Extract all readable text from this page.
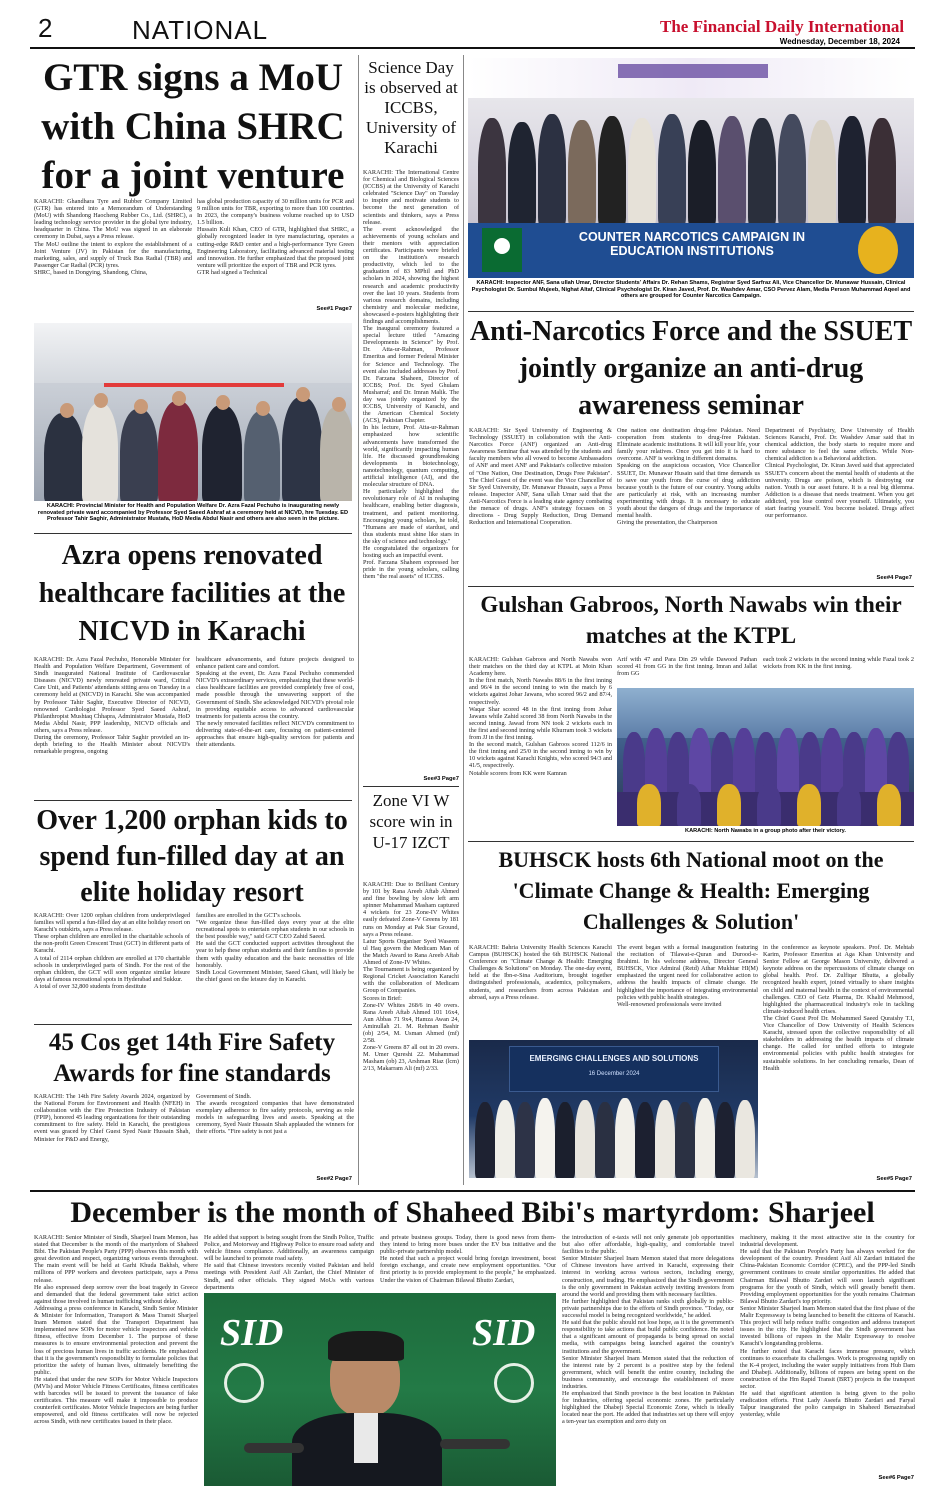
2	NATIONAL	The Financial Daily International
Wednesday, December 18, 2024
GTR signs a MoU with China SHRC for a joint venture
KARACHI: Ghandhara Tyre and Rubber Company Limited (GTR) has entered into a Memorandum of Understanding (MoU) with Shandong Haocheng Rubber Co., Ltd. (SHRC), a leading technology service provider in the global tyre industry, headquarter in China. The MoU was signed in an elaborate ceremony in Dubai, says a Press release.
The MoU outline the intent to explore the establishment of a Joint Venture (JV) in Pakistan for the manufacturing, marketing, sales, and supply of Truck Bus Radial (TBR) and Passenger Car Radial (PCR) tyres.
SHRC, based in Dongying, Shandong, China,
has global production capacity of 30 million units for PCR and 9 million units for TBR, exporting to more than 100 countries. In 2023, the company's business volume reached up to USD 1.5 billion.
Hussain Kuli Khan, CEO of GTR, highlighted that SHRC, a globally recognized leader in tyre manufacturing, operates a cutting-edge R&D center and a high-performance Tyre Green Engineering Laboratory, facilitating advanced material testing and innovation. He further emphasized that the proposed joint venture will prioritize the export of TBR and PCR tyres.
GTR had signed a Technical
See#1 Page7
KARACHI: Provincial Minister for Health and Population Welfare Dr. Azra Fazal Pechuho is inaugurating newly renovated private ward accompanied by Professor Syed Saeed Ashraf at a ceremony held at NICVD, hre Tuesday. ED Professor Tahir Saghir, Administrator Mustafa, HoD Media Abdul Nasir and others are also seen in the picture.
Azra opens renovated healthcare facilities at the NICVD in Karachi
KARACHI: Dr. Azra Fazal Pechuho, Honorable Minister for Health and Population Welfare Department, Government of Sindh inaugurated National Institute of Cardiovascular Diseases (NICVD) newly renovated private ward, Critical Care Unit, and Patients' attendants sitting area on Tuesday in a ceremony held at (NICVD) in Karachi. She was accompanied by Professor Tahir Saghir, Executive Director of NICVD, renowned Cardiologist Professor Syed Saeed Ashraf, Philanthropist Mushtaq Chhapra, Administrator Mustafa, HoD Media Abdul Nasir, PPP leadership, NICVD officials and others, says a Press release.
During the ceremony, Professor Tahir Saghir provided an in-depth briefing to the Health Minister about NICVD's remarkable progress, ongoing
healthcare advancements, and future projects designed to enhance patient care and comfort.
Speaking at the event, Dr. Azra Fazal Pechuho commended NICVD's extraordinary services, emphasizing that these world-class healthcare facilities are provided completely free of cost, made possible through the unwavering support of the Government of Sindh. She acknowledged NICVD's pivotal role in providing equitable access to advanced cardiovascular treatments for patients across the country.
The newly renovated facilities reflect NICVD's commitment to delivering state-of-the-art care, focusing on patient-centered approaches that ensure high-quality services for patients and their attendants.
Over 1,200 orphan kids to spend fun-filled day at an elite holiday resort
KARACHI: Over 1200 orphan children from underprivileged families will spend a fun-filled day at an elite holiday resort on Karachi's outskirts, says a Press release.
These orphan children are enrolled in the charitable schools of the non-profit Green Crescent Trust (GCT) in different parts of Karachi.
A total of 2114 orphan children are enrolled at 170 charitable schools in underprivileged parts of Sindh. For the rest of the orphan children, the GCT will soon organize similar leisure days at famous recreational spots in Hyderabad and Sukkur.
A total of over 32,800 students from destitute
families are enrolled in the GCT's schools.
"We organize these fun-filled days every year at the elite recreational spots to entertain orphan students in our schools in the best possible way," said GCT CEO Zahid Saeed.
He said the GCT conducted support activities throughout the year to help these orphan students and their families to provide them with quality education and the basic necessities of life honorably.
Sindh Local Government Minister, Saeed Ghani, will likely be the chief guest on the leisure day in Karachi.
45 Cos get 14th Fire Safety Awards for fine standards
KARACHI: The 14th Fire Safety Awards 2024, organized by the National Forum for Environment and Health (NFEH) in collaboration with the Fire Protection Industry of Pakistan (FPIP), honored 45 leading organizations for their outstanding commitment to fire safety. Held in Karachi, the prestigious event was graced by Chief Guest Syed Nasir Hussain Shah, Minister for P&D and Energy,
Government of Sindh.
The awards recognized companies that have demonstrated exemplary adherence to fire safety protocols, serving as role models in safeguarding lives and assets. Speaking at the ceremony, Syed Nasir Hussain Shah applauded the winners for their efforts. "Fire safety is not just a
See#2 Page7
Science Day is observed at ICCBS, University of Karachi
KARACHI: The International Centre for Chemical and Biological Sciences (ICCBS) at the University of Karachi celebrated "Science Day" on Tuesday to inspire and motivate students to become the next generation of scientists and thinkers, says a Press release.
The event acknowledged the achievements of young scholars and their mentors with appreciation certificates. Participants were briefed on the institution's research productivity, which led to the graduation of 83 MPhil and PhD scholars in 2024, showing the highest research and academic productivity over the last 10 years. Students from various research domains, including chemistry and molecular medicine, showcased e-posters highlighting their findings and accomplishments.
The inaugural ceremony featured a special lecture titled "Amazing Developments in Science" by Prof. Dr. Atta-ur-Rahman, Professor Emeritus and former Federal Minister for Science and Technology. The event also included addresses by Prof. Dr. Farzana Shaheen, Director of ICCBS; Prof. Dr. Syed Ghulam Musharraf; and Dr. Imran Malik. The day was jointly organized by the ICCBS, University of Karachi, and the American Chemical Society (ACS), Pakistan Chapter.
In his lecture, Prof. Atta-ur-Rahman emphasized how scientific advancements have transformed the world, significantly impacting human life. He discussed groundbreaking developments in biotechnology, nanotechnology, quantum computing, artificial intelligence (AI), and the molecular structure of DNA.
He particularly highlighted the revolutionary role of AI in reshaping healthcare, enabling better diagnosis, treatment, and patient monitoring. Encouraging young scholars, he told, "Humans are made of stardust, and thus students must shine like stars in the sky of science and technology."
He congratulated the organizers for hosting such an impactful event.
Prof. Farzana Shaheen expressed her pride in the young scholars, calling them "the real assets" of ICCBS.
See#3 Page7
Zone VI W score win in U-17 IZCT
KARACHI: Due to Brilliant Century by 101 by Rana Areeb Aftab Ahmed and fine bowling by slow left arm spinner Muhammad Masham captured 4 wickets for 23 Zone-IV Whites easily defeated Zone-V Greens by 181 runs on Monday at Pak Star Ground, says a Press release.
Latur Sports Organiser Syed Waseem ul Haq govern the Medicam Man of the Match Award to Rana Areeb Aftab Ahmed of Zone-IV Whites.
The Tournament is being organized by Regional Cricket Association Karachi with the collaboration of Medicam Group of Companies.
Scores in Brief:
Zone-IV Whites 268/6 in 40 overs. Rana Areeb Aftab Ahmed 101 16x4, Aun Abbas 71 9x4, Hamza Awan 24, Aminullah 21. M. Rehman Bashir (ob) 2/54, M. Usman Ahmed (mf) 2/58.
Zone-V Greens 87 all out in 20 overs. M. Umer Qureshi 22. Muhammad Masham (ob) 23, Arshman Riaz (lcm) 2/13, Makarram Ali (mf) 2/33.
COUNTER NARCOTICS CAMPAIGN IN EDUCATION INSTITUTIONS
KARACHI: Inspector ANF, Sana ullah Umar, Director Students' Affairs Dr. Rehan Shams, Registrar Syed Sarfraz Ali, Vice Chancellor Dr. Munawar Hussain, Clinical Psychologist Dr. Sumbul Mujeeb, Nighat Altaf, Clinical Psychologist Dr. Kiran Javed, Prof. Dr. Washdev Amar, CSO Pervez Alam, Media Person Muhammad Aqeel and others are grouped for Counter Narcotics Campaign.
Anti-Narcotics Force and the SSUET jointly organize an anti-drug awareness seminar
KARACHI: Sir Syed University of Engineering & Technology (SSUET) in collaboration with the Anti-Narcotics Force (ANF) organized an Anti-drug Awareness Seminar that was attended by the students and faculty members who all vowed to become Ambassadors of ANF and meet ANF and Pakistan's collective mission of "One Nation, One Destination, Drugs Free Pakistan". The Chief Guest of the event was the Vice Chancellor of Sir Syed University, Dr. Munawar Hussain, says a Press release. Inspector ANF, Sana ullah Umar said that the Anti-Narcotics Force is a leading state agency combating the menace of drugs. ANF's strategy focuses on 3 directions - Drug Supply Reduction, Drug Demand Reduction and International Cooperation.
One nation one destination drug-free Pakistan. Need cooperation from students to drug-free Pakistan. Eliminate academic institutions. It will kill your life, your family your relatives. Once you get into it is hard to overcome. ANF is working in different domains.
Speaking on the auspicious occasion, Vice Chancellor SSUET, Dr. Munawar Husain said that time demands us to save our youth from the curse of drug addiction because youth is the future of our country. Young adults are particularly at risk, with an increasing number experimenting with drugs. It is necessary to educate youth about the dangers of drugs and the importance of mental health.
Giving the presentation, the Chairperson
Department of Psychiatry, Dow University of Health Sciences Karachi, Prof. Dr. Washdev Amar said that in chemical addiction, the body starts to require more and more substance to feel the same effects. While Non-chemical addiction is a Behavioral addiction.
Clinical Psychologist, Dr. Kiran Javed said that appreciated SSUET's concern about the mental health of students at the university. Drugs are poison, which is destroying our nation. Youth is our asset future. It is a real big dilemma. Addiction is a disease that needs treatment. When you get addicted, you lose control over yourself. Ultimately, you start fearing yourself. You become isolated. Drugs affect our performance.
See#4 Page7
Gulshan Gabroos, North Nawabs win their matches at the KTPL
KARACHI: Gulshan Gabroos and North Nawabs won their matches on the third day at KTPL at Moin Khan Academy here.
In the first match, North Nawabs 88/6 in the first inning and 96/4 in the second inning to win the match by 6 wickets against Johar Jawans, who scored 96/2 and 87/4, respectively.
Waqar Shar scored 48 in the first inning from Johar Jawans while Zahid scored 38 from North Nawabs in the second inning. Jawad from NN took 2 wickets each in the first and second inning while Khurram took 3 wickets from JJ in the first inning.
In the second match, Gulshan Gabroos scored 112/6 in the first inning and 25/0 in the second inning to win by 10 wickets against Karachi Knights, who scored 94/3 and 41/5, respectively.
Notable scorers from KK were Kamran
Arif with 47 and Para Din 29 while Dawood Pathan scored 41 from GG in the first inning. Imran and Jallat from GG
each took 2 wickets in the second inning while Fazal took 2 wickets from KK in the first inning.
KARACHI: North Nawabs in a group photo after their victory.
BUHSCK hosts 6th National moot on the 'Climate Change & Health: Emerging Challenges & Solution'
KARACHI: Bahria University Health Sciences Karachi Campus (BUHSCK) hosted the 6th BUHSCK National Conference on "Climate Change & Health: Emerging Challenges & Solutions" on Monday. The one-day event, held at the Ibn-e-Sina Auditorium, brought together distinguished professionals, academics, policymakers, students, and researchers from across Pakistan and abroad, says a Press release.
The event began with a formal inauguration featuring the recitation of Tilawat-e-Quran and Durood-e-Ibrahimi. In his welcome address, Director General BUHSCK, Vice Admiral (Retd) Athar Mukhtar HI(M) emphasized the urgent need for collaborative action to address the health impacts of climate change. He highlighted the importance of integrating environmental policies with public health strategies.
Well-renowned professionals were invited
in the conference as keynote speakers. Prof. Dr. Mehtab Karim, Professor Emeritus at Aga Khan University and Senior Fellow at George Mason University, delivered a keynote address on the repercussions of climate change on global health. Prof. Dr. Zulfiqar Bhutta, a globally recognized health expert, joined virtually to share insights on child and maternal health in the context of environmental challenges. CEO of Getz Pharma, Dr. Khalid Mehmood, highlighted the pharmaceutical industry's role in tackling climate-induced health crises.
The Chief Guest Prof Dr. Mohammed Saeed Quraishy T.I, Vice Chancellor of Dow University of Health Sciences Karachi, stressed upon the collective responsibility of all stakeholders in addressing the health impacts of climate change. He called for unified efforts to integrate environmental policies with public health strategies for sustainable solutions. In her concluding remarks, Dean of Health
See#5 Page7
EMERGING CHALLENGES AND SOLUTIONS
16 December 2024
December is the month of Shaheed Bibi's martyrdom: Sharjeel
KARACHI: Senior Minister of Sindh, Sharjeel Inam Memon, has stated that December is the month of the martyrdom of Shaheed Bibi. The Pakistan People's Party (PPP) observes this month with great devotion and respect, organizing various events throughout. The main event will be held at Garhi Khuda Bakhsh, where millions of PPP workers and devotees participate, says a Press release.
He also expressed deep sorrow over the boat tragedy in Greece and demanded that the federal government take strict action against those involved in human trafficking without delay.
Addressing a press conference in Karachi, Sindh Senior Minister & Minister for Information, Transport & Mass Transit Sharjeel Inam Memon stated that the Transport Department has implemented new SOPs for motor vehicle inspectors and vehicle fitness, effective from December 1. The purpose of these measures is to ensure environmental protection and prevent the loss of precious human lives in traffic accidents. He emphasized that it is the government's responsibility to formulate policies that prioritize the safety of human lives, ultimately benefiting the public.
He stated that under the new SOPs for Motor Vehicle Inspectors (MVIs) and Motor Vehicle Fitness Certificates, fitness certificates with barcodes will be issued to prevent the issuance of fake certificates. This measure will make it impossible to produce counterfeit certificates. Motor Vehicle Inspectors are being further empowered, and old fitness certificates will now be rejected across Sindh, with new certificates issued in their place.
He added that support is being sought from the Sindh Police, Traffic Police, and Motorway and Highway Police to ensure road safety and vehicle fitness compliance. Additionally, an awareness campaign will be launched to promote road safety.
He said that Chinese investors recently visited Pakistan and held meetings with President Asif Ali Zardari, the Chief Minister of Sindh, and other officials. They signed MoUs with various departments
and private business groups. Today, there is good news from them-they intend to bring more buses under the EV bus initiative and the public-private partnership model.
He noted that such a project would bring foreign investment, boost foreign exchange, and create new employment opportunities. "Our first priority is to provide employment to the people," he emphasized. Under the vision of Chairman Bilawal Bhutto Zardari,
the introduction of e-taxis will not only generate job opportunities but also offer affordable, high-quality, and comfortable travel facilities to the public.
Senior Minister Sharjeel Inam Memon stated that more delegations of Chinese investors have arrived in Karachi, expressing their interest in working across various sectors, including energy, construction, and trading. He emphasized that the Sindh government is the only government in Pakistan actively inviting investors from around the world and providing them with necessary facilities.
He further highlighted that Pakistan ranks sixth globally in public-private partnerships due to the efforts of Sindh province. "Today, our successful model is being recognized worldwide," he added.
He said that the public should not lose hope, as it is the government's responsibility to take actions that build public confidence. He noted that a significant amount of propaganda is being spread on social media, with campaigns being launched against the country's institutions and the government.
Senior Minister Sharjeel Inam Memon stated that the reduction of the interest rate by 2 percent is a positive step by the federal government, which will benefit the entire country, including the business community, and encourage the establishment of more industries.
He emphasized that Sindh province is the best location in Pakistan for industries, offering special economic zones. He particularly highlighted the Dhabeji Special Economic Zone, which is ideally located near the port. He added that industries set up there will enjoy a ten-year tax exemption and zero duty on
machinery, making it the most attractive site in the country for industrial development.
He said that the Pakistan People's Party has always worked for the development of the country. President Asif Ali Zardari initiated the China-Pakistan Economic Corridor (CPEC), and the PPP-led Sindh government continues to create similar opportunities. He added that Chairman Bilawal Bhutto Zardari will soon launch significant programs for the youth of Sindh, which will greatly benefit them. Providing employment opportunities for the youth remains Chairman Bilawal Bhutto Zardari's top priority.
Senior Minister Sharjeel Inam Memon stated that the first phase of the Malir Expressway is being launched to benefit the citizens of Karachi. This project will help reduce traffic congestion and address transport issues in the city. He highlighted that the Sindh government has invested billions of rupees in the Malir Expressway to resolve Karachi's longstanding problems.
He further noted that Karachi faces immense pressure, which continues to exacerbate its challenges. Work is progressing rapidly on the K-4 project, including the water supply initiatives from Hub Dam and Dhabeji. Additionally, billions of rupees are being spent on the construction of the Hm Rapid Transit (BRT) projects in the transport sector.
He said that significant attention is being given to the polio eradication efforts. First Lady Aseefa Bhutto Zardari and Faryal Talpur inaugurated the polio campaign in Shaheed Benazirabad yesterday, while
See#6 Page7
SID	SID
